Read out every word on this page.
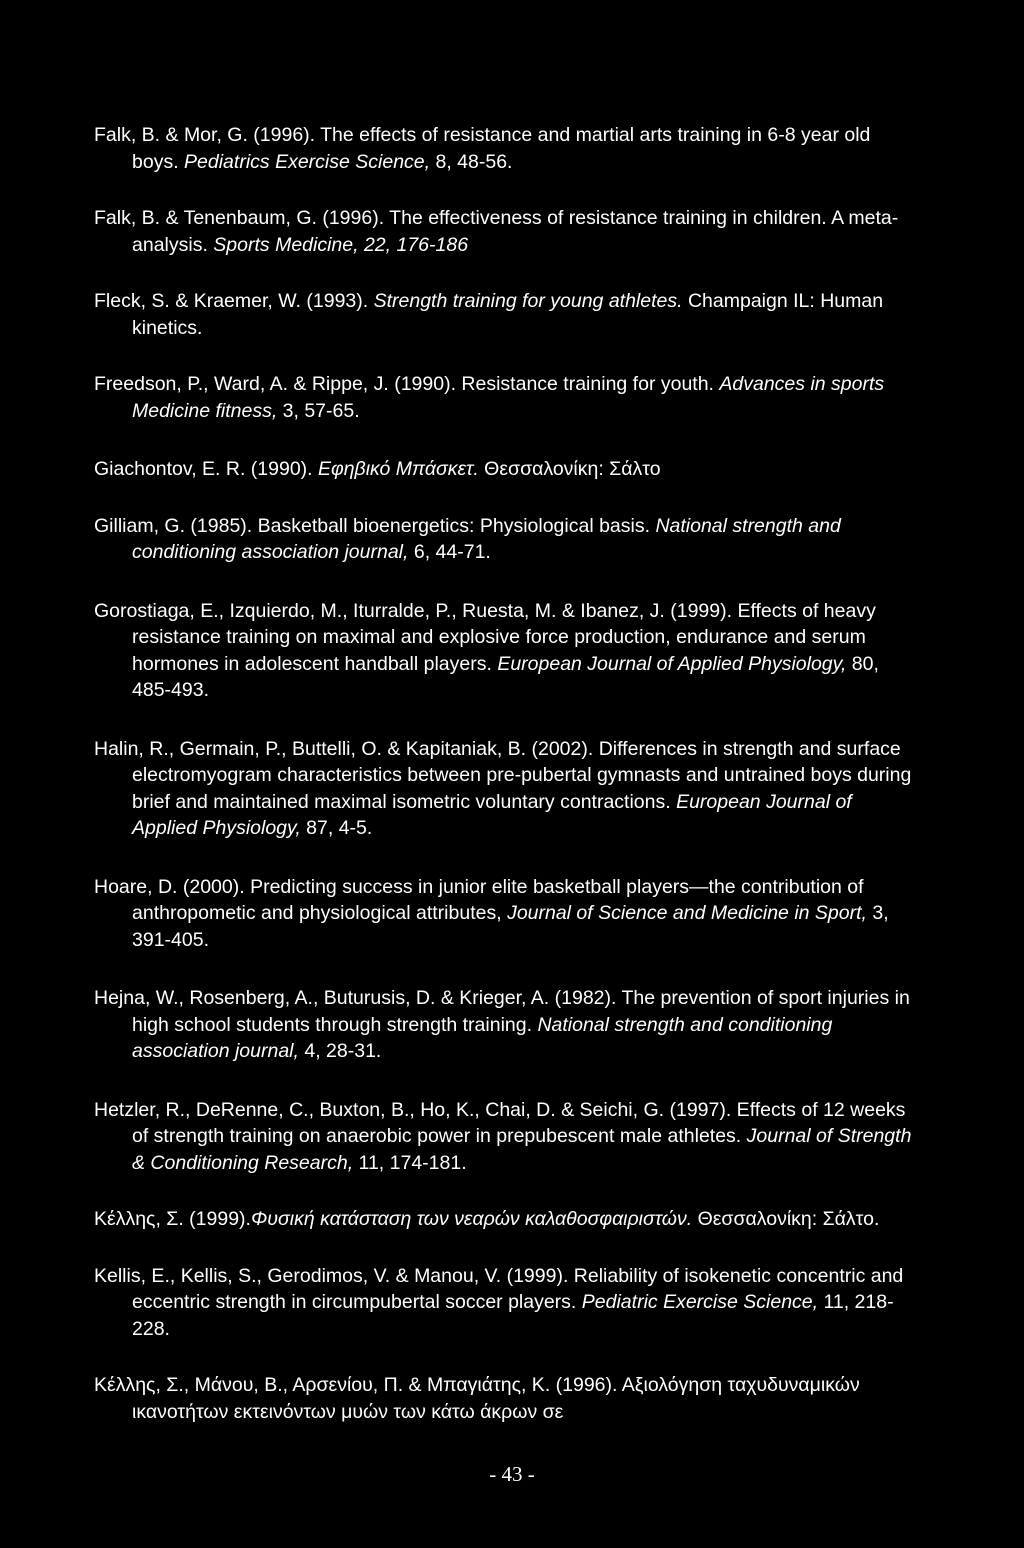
Falk, B. & Mor, G. (1996). The effects of resistance and martial arts training in 6-8 year old boys. Pediatrics Exercise Science, 8, 48-56.

Falk, B. & Tenenbaum, G. (1996). The effectiveness of resistance training in children. A meta-analysis. Sports Medicine, 22, 176-186

Fleck, S. & Kraemer, W. (1993). Strength training for young athletes. Champaign IL: Human kinetics.

Freedson, P., Ward, A. & Rippe, J. (1990). Resistance training for youth. Advances in sports Medicine fitness, 3, 57-65.

Giachontov, E. R. (1990). Εφηβικό Μπάσκετ. Θεσσαλονίκη: Σάλτο

Gilliam, G. (1985). Basketball bioenergetics: Physiological basis. National strength and conditioning association journal, 6, 44-71.

Gorostiaga, E., Izquierdo, M., Iturralde, P., Ruesta, M. & Ibanez, J. (1999). Effects of heavy resistance training on maximal and explosive force production, endurance and serum hormones in adolescent handball players. European Journal of Applied Physiology, 80, 485-493.

Halin, R., Germain, P., Buttelli, O. & Kapitaniak, B. (2002). Differences in strength and surface electromyogram characteristics between pre-pubertal gymnasts and untrained boys during brief and maintained maximal isometric voluntary contractions. European Journal of Applied Physiology, 87, 4-5.

Hoare, D. (2000). Predicting success in junior elite basketball players—the contribution of anthropometic and physiological attributes, Journal of Science and Medicine in Sport, 3, 391-405.

Hejna, W., Rosenberg, A., Buturusis, D. & Krieger, A. (1982). The prevention of sport injuries in high school students through strength training. National strength and conditioning association journal, 4, 28-31.

Hetzler, R., DeRenne, C., Buxton, B., Ho, K., Chai, D. & Seichi, G. (1997). Effects of 12 weeks of strength training on anaerobic power in prepubescent male athletes. Journal of Strength & Conditioning Research, 11, 174-181.

Κέλλης, Σ. (1999).Φυσική κατάσταση των νεαρών καλαθοσφαιριστών. Θεσσαλονίκη: Σάλτο.

Kellis, E., Kellis, S., Gerodimos, V. & Manou, V. (1999). Reliability of isokenetic concentric and eccentric strength in circumpubertal soccer players. Pediatric Exercise Science, 11, 218-228.

Κέλλης, Σ., Μάνου, Β., Αρσενίου, Π. & Μπαγιάτης, Κ. (1996). Αξιολόγηση ταχυδυναμικών ικανοτήτων εκτεινόντων μυών των κάτω άκρων σε

- 43 -
